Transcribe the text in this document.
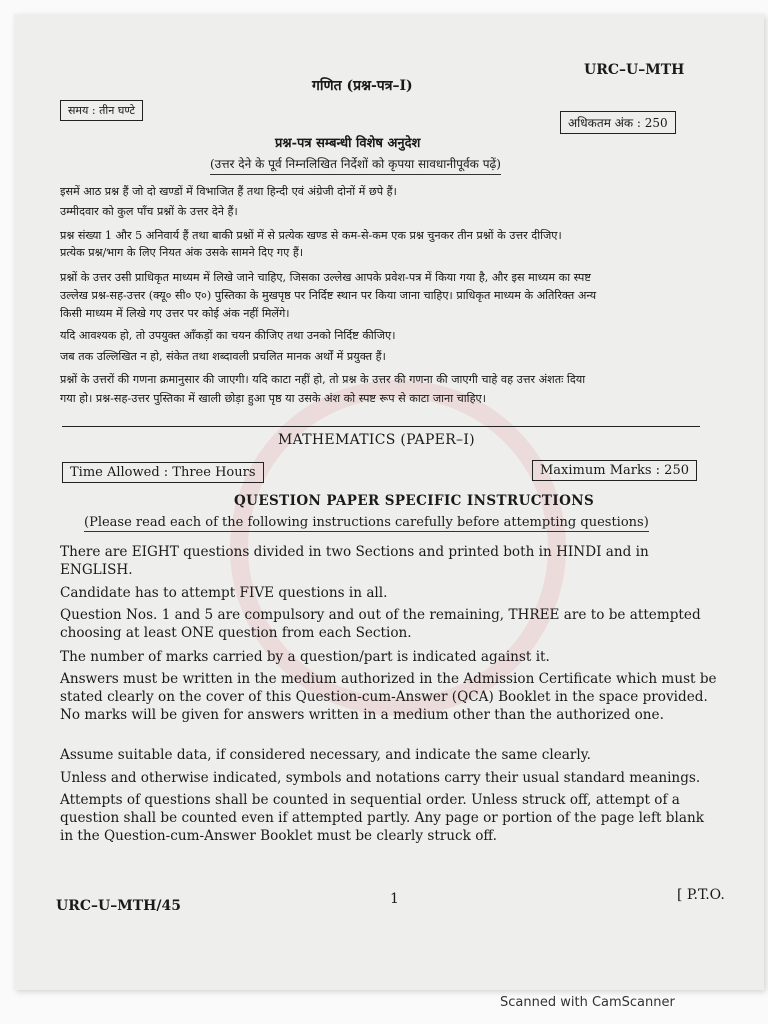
URC–U–MTH
गणित (प्रश्न-पत्र–I)
समय : तीन घण्टे
अधिकतम अंक : 250
प्रश्न-पत्र सम्बन्धी विशेष अनुदेश
(उत्तर देने के पूर्व निम्नलिखित निर्देशों को कृपया सावधानीपूर्वक पढ़ें)
इसमें आठ प्रश्न हैं जो दो खण्डों में विभाजित हैं तथा हिन्दी एवं अंग्रेजी दोनों में छपे हैं।
उम्मीदवार को कुल पाँच प्रश्नों के उत्तर देने हैं।
प्रश्न संख्या 1 और 5 अनिवार्य हैं तथा बाकी प्रश्नों में से प्रत्येक खण्ड से कम-से-कम एक प्रश्न चुनकर तीन प्रश्नों के उत्तर दीजिए।
प्रत्येक प्रश्न/भाग के लिए नियत अंक उसके सामने दिए गए हैं।
प्रश्नों के उत्तर उसी प्राधिकृत माध्यम में लिखे जाने चाहिए, जिसका उल्लेख आपके प्रवेश-पत्र में किया गया है, और इस माध्यम का स्पष्ट
उल्लेख प्रश्न-सह-उत्तर (क्यू० सी० ए०) पुस्तिका के मुखपृष्ठ पर निर्दिष्ट स्थान पर किया जाना चाहिए। प्राधिकृत माध्यम के अतिरिक्त अन्य
किसी माध्यम में लिखे गए उत्तर पर कोई अंक नहीं मिलेंगे।
यदि आवश्यक हो, तो उपयुक्त आँकड़ों का चयन कीजिए तथा उनको निर्दिष्ट कीजिए।
जब तक उल्लिखित न हो, संकेत तथा शब्दावली प्रचलित मानक अर्थों में प्रयुक्त हैं।
प्रश्नों के उत्तरों की गणना क्रमानुसार की जाएगी। यदि काटा नहीं हो, तो प्रश्न के उत्तर की गणना की जाएगी चाहे वह उत्तर अंशतः दिया
गया हो। प्रश्न-सह-उत्तर पुस्तिका में खाली छोड़ा हुआ पृष्ठ या उसके अंश को स्पष्ट रूप से काटा जाना चाहिए।
MATHEMATICS (PAPER–I)
Time Allowed : Three Hours	Maximum Marks : 250
QUESTION PAPER SPECIFIC INSTRUCTIONS
(Please read each of the following instructions carefully before attempting questions)
There are EIGHT questions divided in two Sections and printed both in HINDI and in ENGLISH.
Candidate has to attempt FIVE questions in all.
Question Nos. 1 and 5 are compulsory and out of the remaining, THREE are to be attempted choosing at least ONE question from each Section.
The number of marks carried by a question/part is indicated against it.
Answers must be written in the medium authorized in the Admission Certificate which must be stated clearly on the cover of this Question-cum-Answer (QCA) Booklet in the space provided. No marks will be given for answers written in a medium other than the authorized one.
Assume suitable data, if considered necessary, and indicate the same clearly.
Unless and otherwise indicated, symbols and notations carry their usual standard meanings.
Attempts of questions shall be counted in sequential order. Unless struck off, attempt of a question shall be counted even if attempted partly. Any page or portion of the page left blank in the Question-cum-Answer Booklet must be clearly struck off.
URC–U–MTH/45	1	[ P.T.O.
Scanned with CamScanner
